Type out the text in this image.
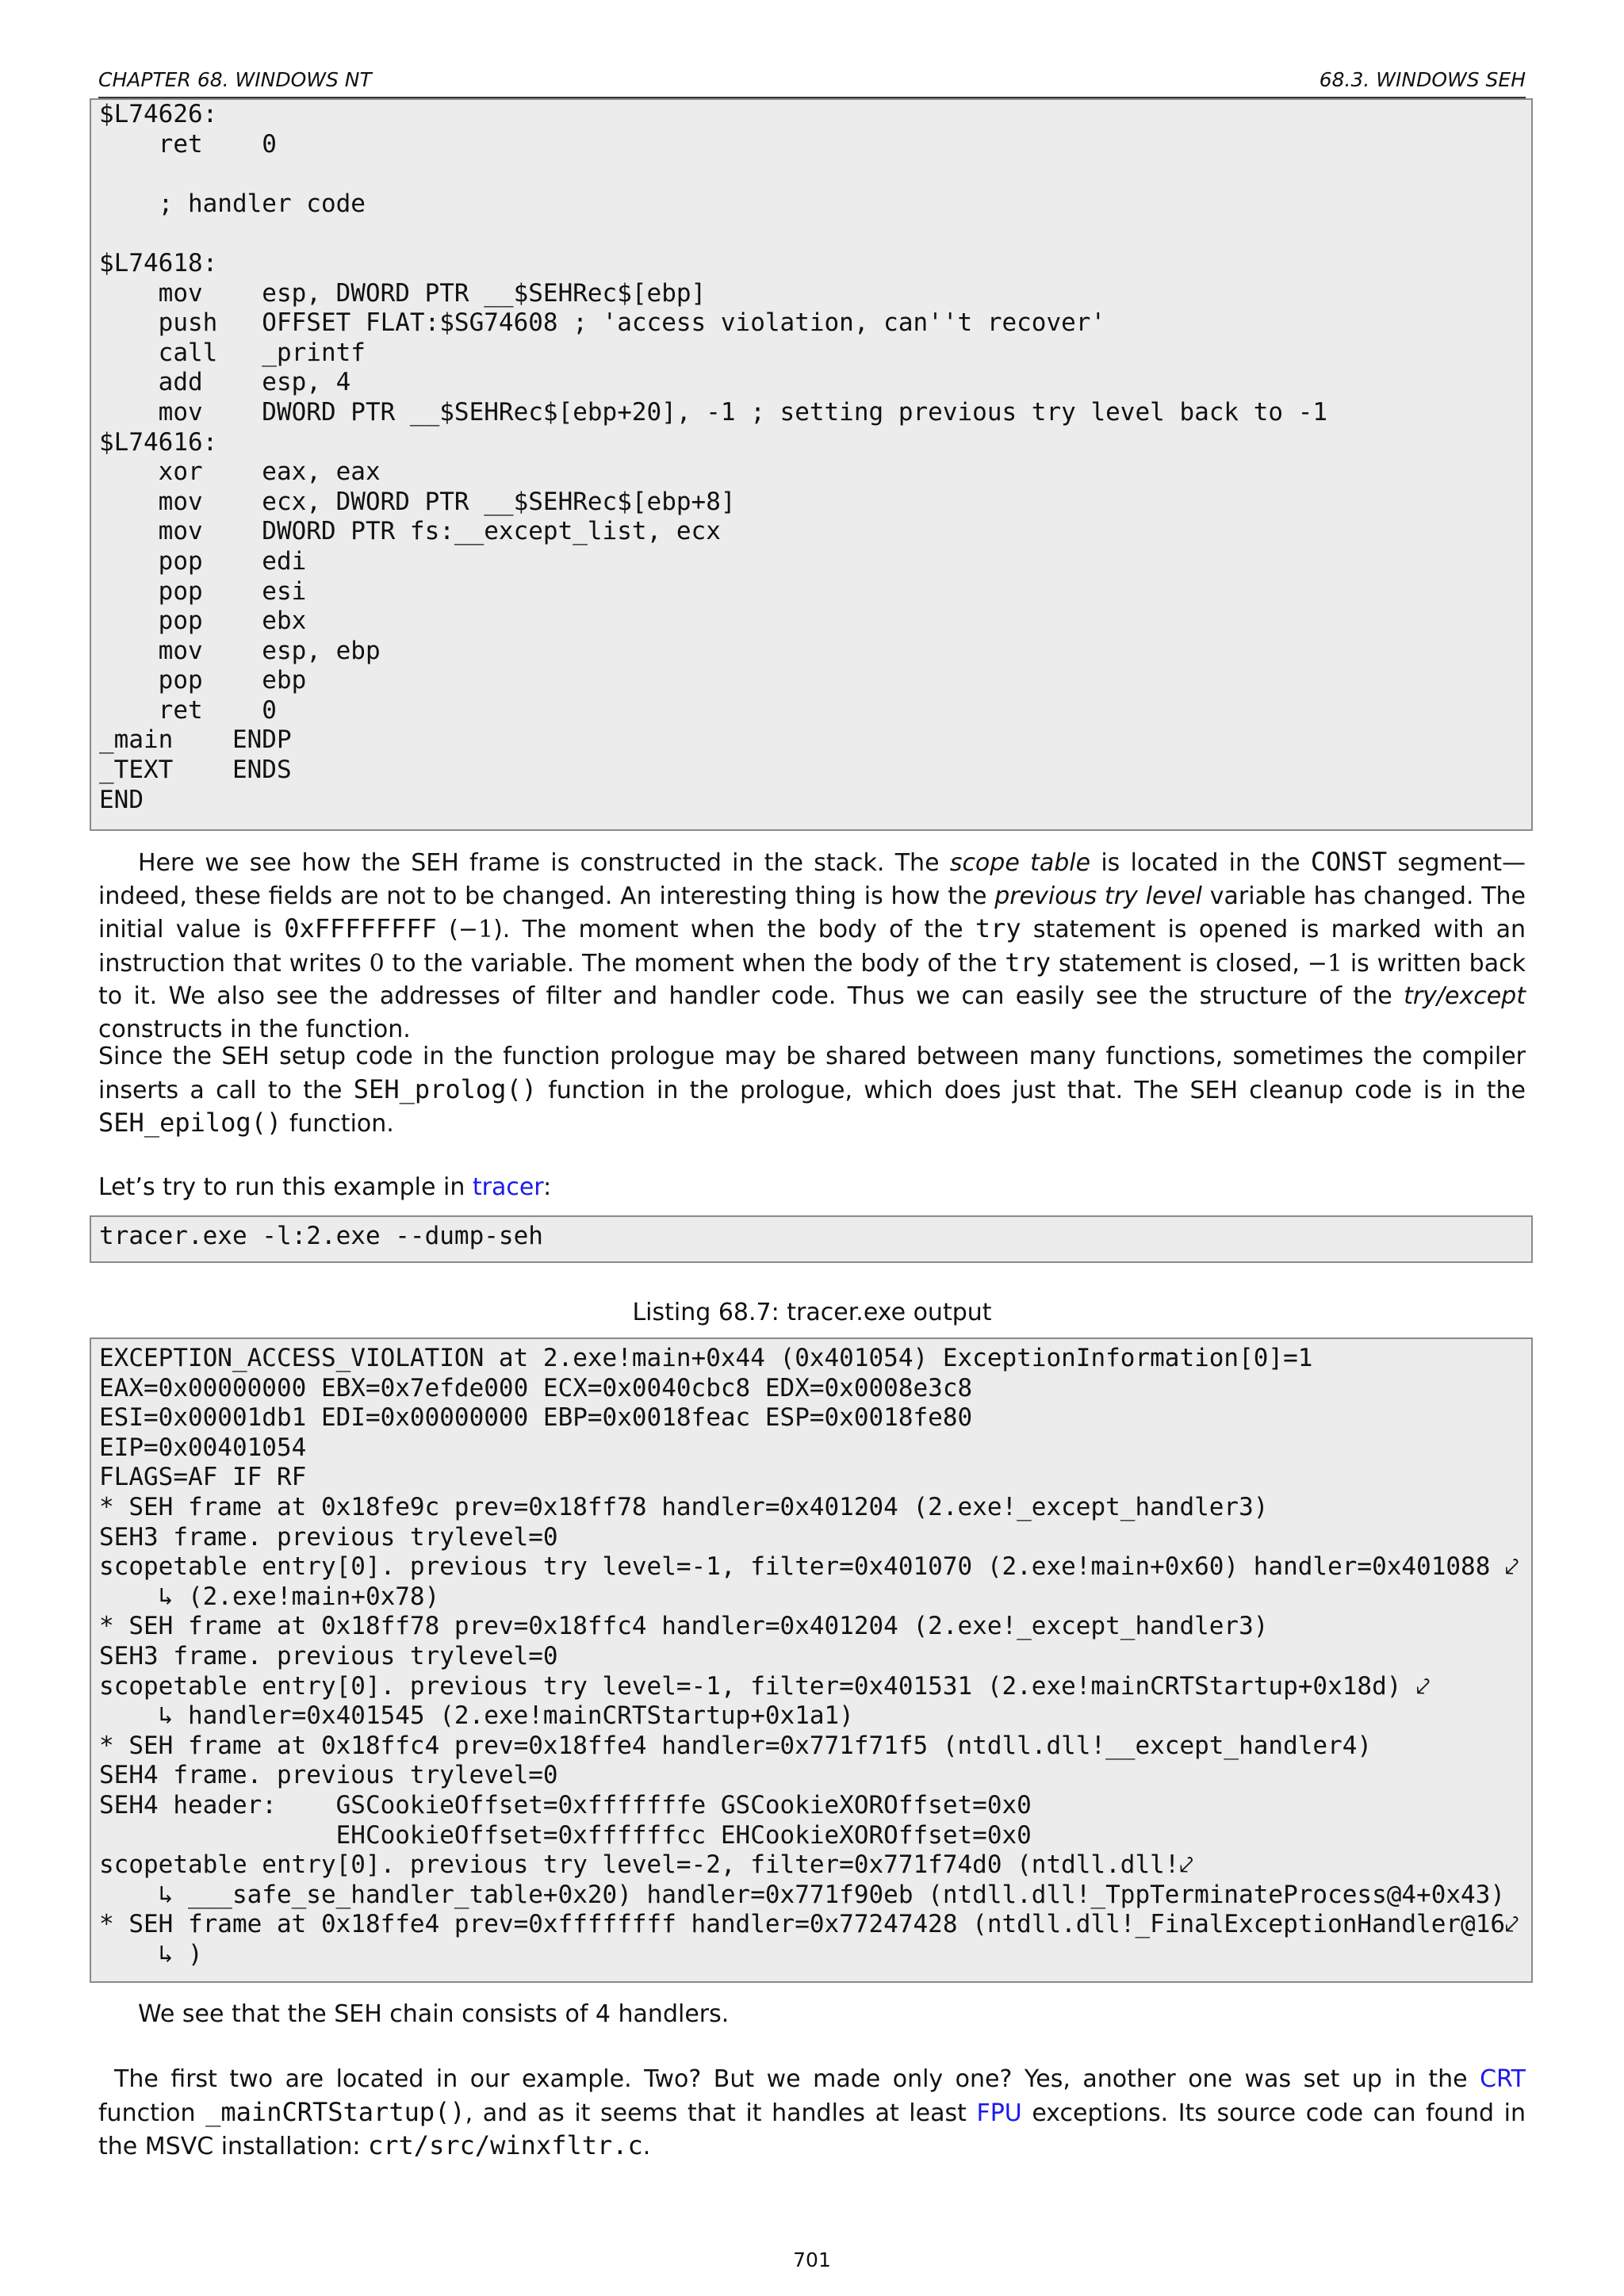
CHAPTER 68. WINDOWS NT	68.3. WINDOWS SEH
$L74626:
ret    0

; handler code

$L74618:
mov    esp, DWORD PTR __$SEHRec$[ebp]
push   OFFSET FLAT:$SG74608 ; 'access violation, can''t recover'
call   _printf
add    esp, 4
mov    DWORD PTR __$SEHRec$[ebp+20], -1 ; setting previous try level back to -1
$L74616:
xor    eax, eax
mov    ecx, DWORD PTR __$SEHRec$[ebp+8]
mov    DWORD PTR fs:__except_list, ecx
pop    edi
pop    esi
pop    ebx
mov    esp, ebp
pop    ebp
ret    0
_main    ENDP
_TEXT    ENDS
END
Here we see how the SEH frame is constructed in the stack. The scope table is located in the CONST segment— indeed, these fields are not to be changed. An interesting thing is how the previous try level variable has changed. The initial value is 0xFFFFFFFF (−1). The moment when the body of the try statement is opened is marked with an instruction that writes 0 to the variable. The moment when the body of the try statement is closed, −1 is written back to it. We also see the addresses of filter and handler code. Thus we can easily see the structure of the try/except constructs in the function.
Since the SEH setup code in the function prologue may be shared between many functions, sometimes the compiler inserts a call to the SEH_prolog() function in the prologue, which does just that. The SEH cleanup code is in the SEH_epilog() function.
Let’s try to run this example in tracer:
tracer.exe -l:2.exe --dump-seh
Listing 68.7: tracer.exe output
EXCEPTION_ACCESS_VIOLATION at 2.exe!main+0x44 (0x401054) ExceptionInformation[0]=1
EAX=0x00000000 EBX=0x7efde000 ECX=0x0040cbc8 EDX=0x0008e3c8
ESI=0x00001db1 EDI=0x00000000 EBP=0x0018feac ESP=0x0018fe80
EIP=0x00401054
FLAGS=AF IF RF
* SEH frame at 0x18fe9c prev=0x18ff78 handler=0x401204 (2.exe!_except_handler3)
SEH3 frame. previous trylevel=0
scopetable entry[0]. previous try level=-1, filter=0x401070 (2.exe!main+0x60) handler=0x401088 ⤦
↳ (2.exe!main+0x78)
* SEH frame at 0x18ff78 prev=0x18ffc4 handler=0x401204 (2.exe!_except_handler3)
SEH3 frame. previous trylevel=0
scopetable entry[0]. previous try level=-1, filter=0x401531 (2.exe!mainCRTStartup+0x18d) ⤦
↳ handler=0x401545 (2.exe!mainCRTStartup+0x1a1)
* SEH frame at 0x18ffc4 prev=0x18ffe4 handler=0x771f71f5 (ntdll.dll!__except_handler4)
SEH4 frame. previous trylevel=0
SEH4 header:    GSCookieOffset=0xfffffffe GSCookieXOROffset=0x0
EHCookieOffset=0xffffffcc EHCookieXOROffset=0x0
scopetable entry[0]. previous try level=-2, filter=0x771f74d0 (ntdll.dll!⤦
↳ ___safe_se_handler_table+0x20) handler=0x771f90eb (ntdll.dll!_TppTerminateProcess@4+0x43)
* SEH frame at 0x18ffe4 prev=0xffffffff handler=0x77247428 (ntdll.dll!_FinalExceptionHandler@16⤦
↳ )
We see that the SEH chain consists of 4 handlers.
The first two are located in our example. Two? But we made only one? Yes, another one was set up in the CRT function _mainCRTStartup(), and as it seems that it handles at least FPU exceptions. Its source code can found in the MSVC installation: crt/src/winxfltr.c.
701
